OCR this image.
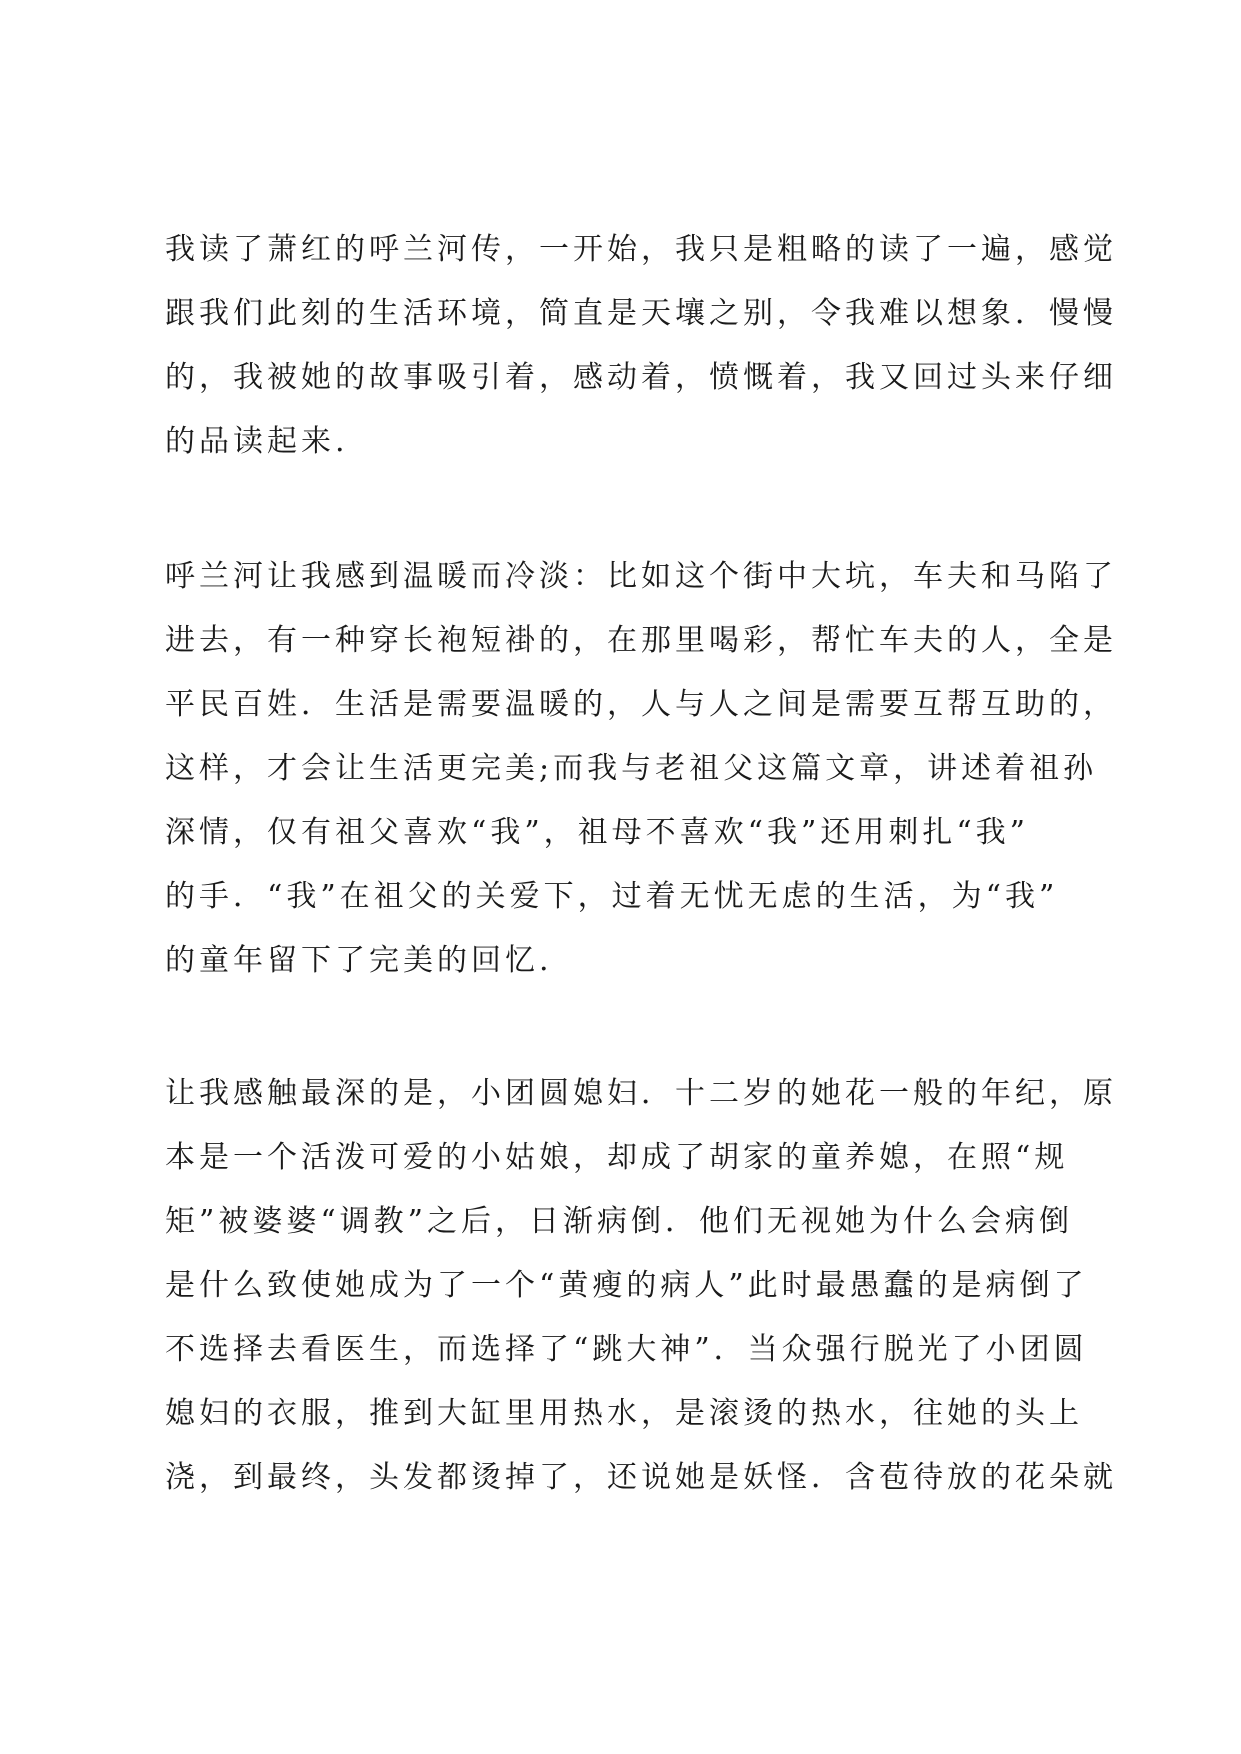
我读了萧红的呼兰河传，一开始，我只是粗略的读了一遍，感觉
跟我们此刻的生活环境，简直是天壤之别，令我难以想象．慢慢
的，我被她的故事吸引着，感动着，愤慨着，我又回过头来仔细
的品读起来.
呼兰河让我感到温暖而冷淡：比如这个街中大坑，车夫和马陷了
进去，有一种穿长袍短褂的，在那里喝彩，帮忙车夫的人，全是
平民百姓．生活是需要温暖的，人与人之间是需要互帮互助的，
这样，才会让生活更完美;而我与老祖父这篇文章，讲述着祖孙
深情，仅有祖父喜欢“我”，祖母不喜欢“我”还用刺扎“我”
的手．“我”在祖父的关爱下，过着无忧无虑的生活，为“我”
的童年留下了完美的回忆.
让我感触最深的是，小团圆媳妇．十二岁的她花一般的年纪，原
本是一个活泼可爱的小姑娘，却成了胡家的童养媳，在照“规
矩”被婆婆“调教”之后，日渐病倒．他们无视她为什么会病倒
是什么致使她成为了一个“黄瘦的病人”此时最愚蠢的是病倒了
不选择去看医生，而选择了“跳大神”．当众强行脱光了小团圆
媳妇的衣服，推到大缸里用热水，是滚烫的热水，往她的头上
浇，到最终，头发都烫掉了，还说她是妖怪．含苞待放的花朵就
